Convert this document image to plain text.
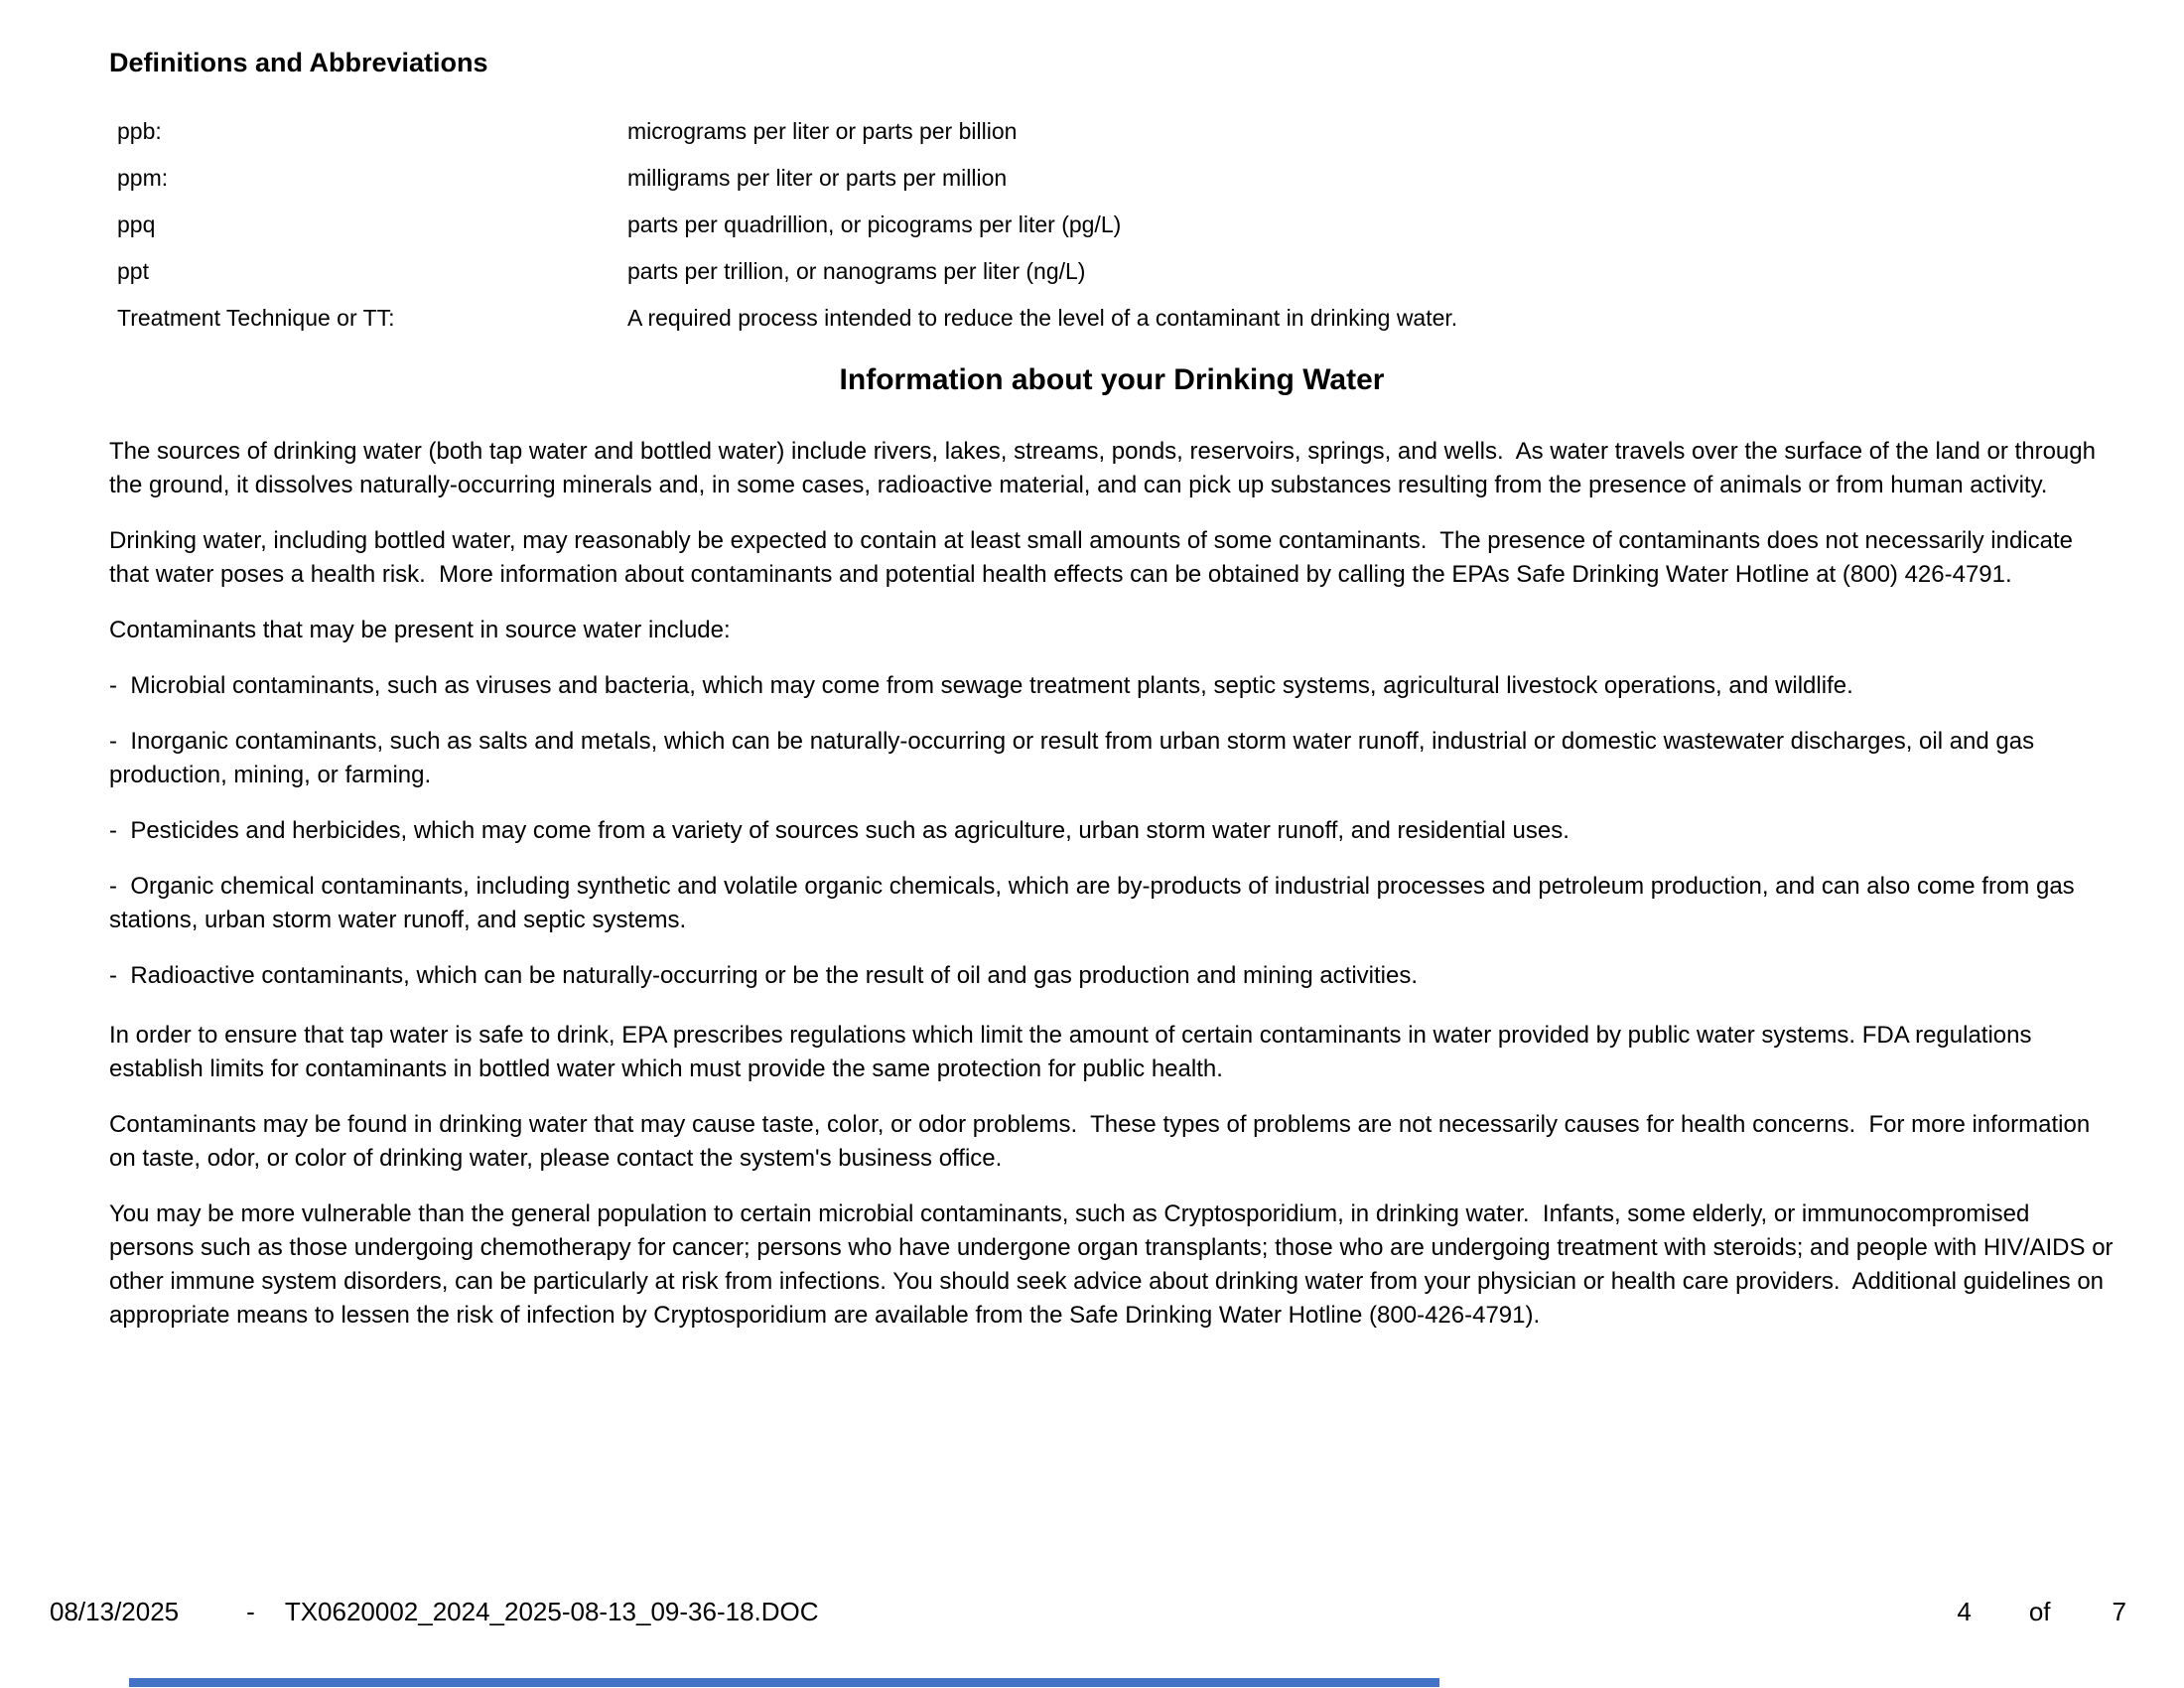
Definitions and Abbreviations
ppb:	micrograms per liter or parts per billion
ppm:	milligrams per liter or parts per million
ppq	parts per quadrillion, or picograms per liter (pg/L)
ppt	parts per trillion, or nanograms per liter (ng/L)
Treatment Technique or TT:	A required process intended to reduce the level of a contaminant in drinking water.
Information about your Drinking Water

The sources of drinking water (both tap water and bottled water) include rivers, lakes, streams, ponds, reservoirs, springs, and wells.  As water travels over the surface of the land or through the ground, it dissolves naturally-occurring minerals and, in some cases, radioactive material, and can pick up substances resulting from the presence of animals or from human activity.

Drinking water, including bottled water, may reasonably be expected to contain at least small amounts of some contaminants.  The presence of contaminants does not necessarily indicate that water poses a health risk.  More information about contaminants and potential health effects can be obtained by calling the EPAs Safe Drinking Water Hotline at (800) 426-4791.

Contaminants that may be present in source water include:

-  Microbial contaminants, such as viruses and bacteria, which may come from sewage treatment plants, septic systems, agricultural livestock operations, and wildlife.

-  Inorganic contaminants, such as salts and metals, which can be naturally-occurring or result from urban storm water runoff, industrial or domestic wastewater discharges, oil and gas production, mining, or farming.

-  Pesticides and herbicides, which may come from a variety of sources such as agriculture, urban storm water runoff, and residential uses.

-  Organic chemical contaminants, including synthetic and volatile organic chemicals, which are by-products of industrial processes and petroleum production, and can also come from gas stations, urban storm water runoff, and septic systems.

-  Radioactive contaminants, which can be naturally-occurring or be the result of oil and gas production and mining activities.

In order to ensure that tap water is safe to drink, EPA prescribes regulations which limit the amount of certain contaminants in water provided by public water systems. FDA regulations establish limits for contaminants in bottled water which must provide the same protection for public health.

Contaminants may be found in drinking water that may cause taste, color, or odor problems.  These types of problems are not necessarily causes for health concerns.  For more information on taste, odor, or color of drinking water, please contact the system's business office.

You may be more vulnerable than the general population to certain microbial contaminants, such as Cryptosporidium, in drinking water.  Infants, some elderly, or immunocompromised persons such as those undergoing chemotherapy for cancer; persons who have undergone organ transplants; those who are undergoing treatment with steroids; and people with HIV/AIDS or other immune system disorders, can be particularly at risk from infections. You should seek advice about drinking water from your physician or health care providers.  Additional guidelines on appropriate means to lessen the risk of infection by Cryptosporidium are available from the Safe Drinking Water Hotline (800-426-4791).

08/13/2025	- TX0620002_2024_2025-08-13_09-36-18.DOC	4 of 7
